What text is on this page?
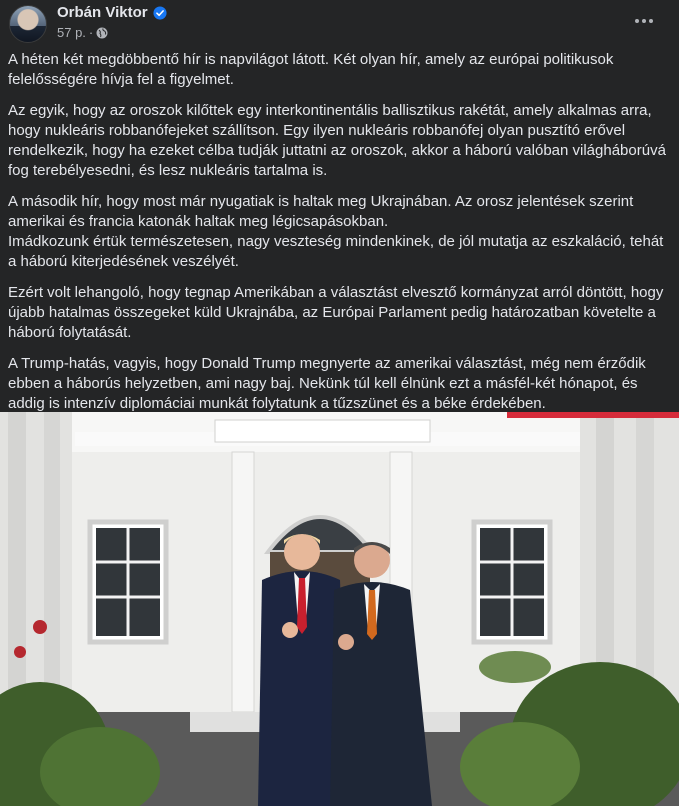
Orbán Viktor
57 p. ·

A héten két megdöbbentő hír is napvilágot látott. Két olyan hír, amely az európai politikusok felelősségére hívja fel a figyelmet.

Az egyik, hogy az oroszok kilőttek egy interkontinentális ballisztikus rakétát, amely alkalmas arra, hogy nukleáris robbanófejeket szállítson. Egy ilyen nukleáris robbanófej olyan pusztító erővel rendelkezik, hogy ha ezeket célba tudják juttatni az oroszok, akkor a háború valóban világháborúvá fog terebélyesedni, és lesz nukleáris tartalma is.

A második hír, hogy most már nyugatiak is haltak meg Ukrajnában. Az orosz jelentések szerint amerikai és francia katonák haltak meg légicsapásokban.
Imádkozunk értük természetesen, nagy veszteség mindenkinek, de jól mutatja az eszkaláció, tehát a háború kiterjedésének veszélyét.

Ezért volt lehangoló, hogy tegnap Amerikában a választást elvesztő kormányzat arról döntött, hogy újabb hatalmas összegeket küld Ukrajnába, az Európai Parlament pedig határozatban követelte a háború folytatását.

A Trump-hatás, vagyis, hogy Donald Trump megnyerte az amerikai választást, még nem érződik ebben a háborús helyzetben, ami nagy baj. Nekünk túl kell élnünk ezt a másfél-két hónapot, és addig is intenzív diplomáciai munkát folytatunk a tűzszünet és a béke érdekében.
